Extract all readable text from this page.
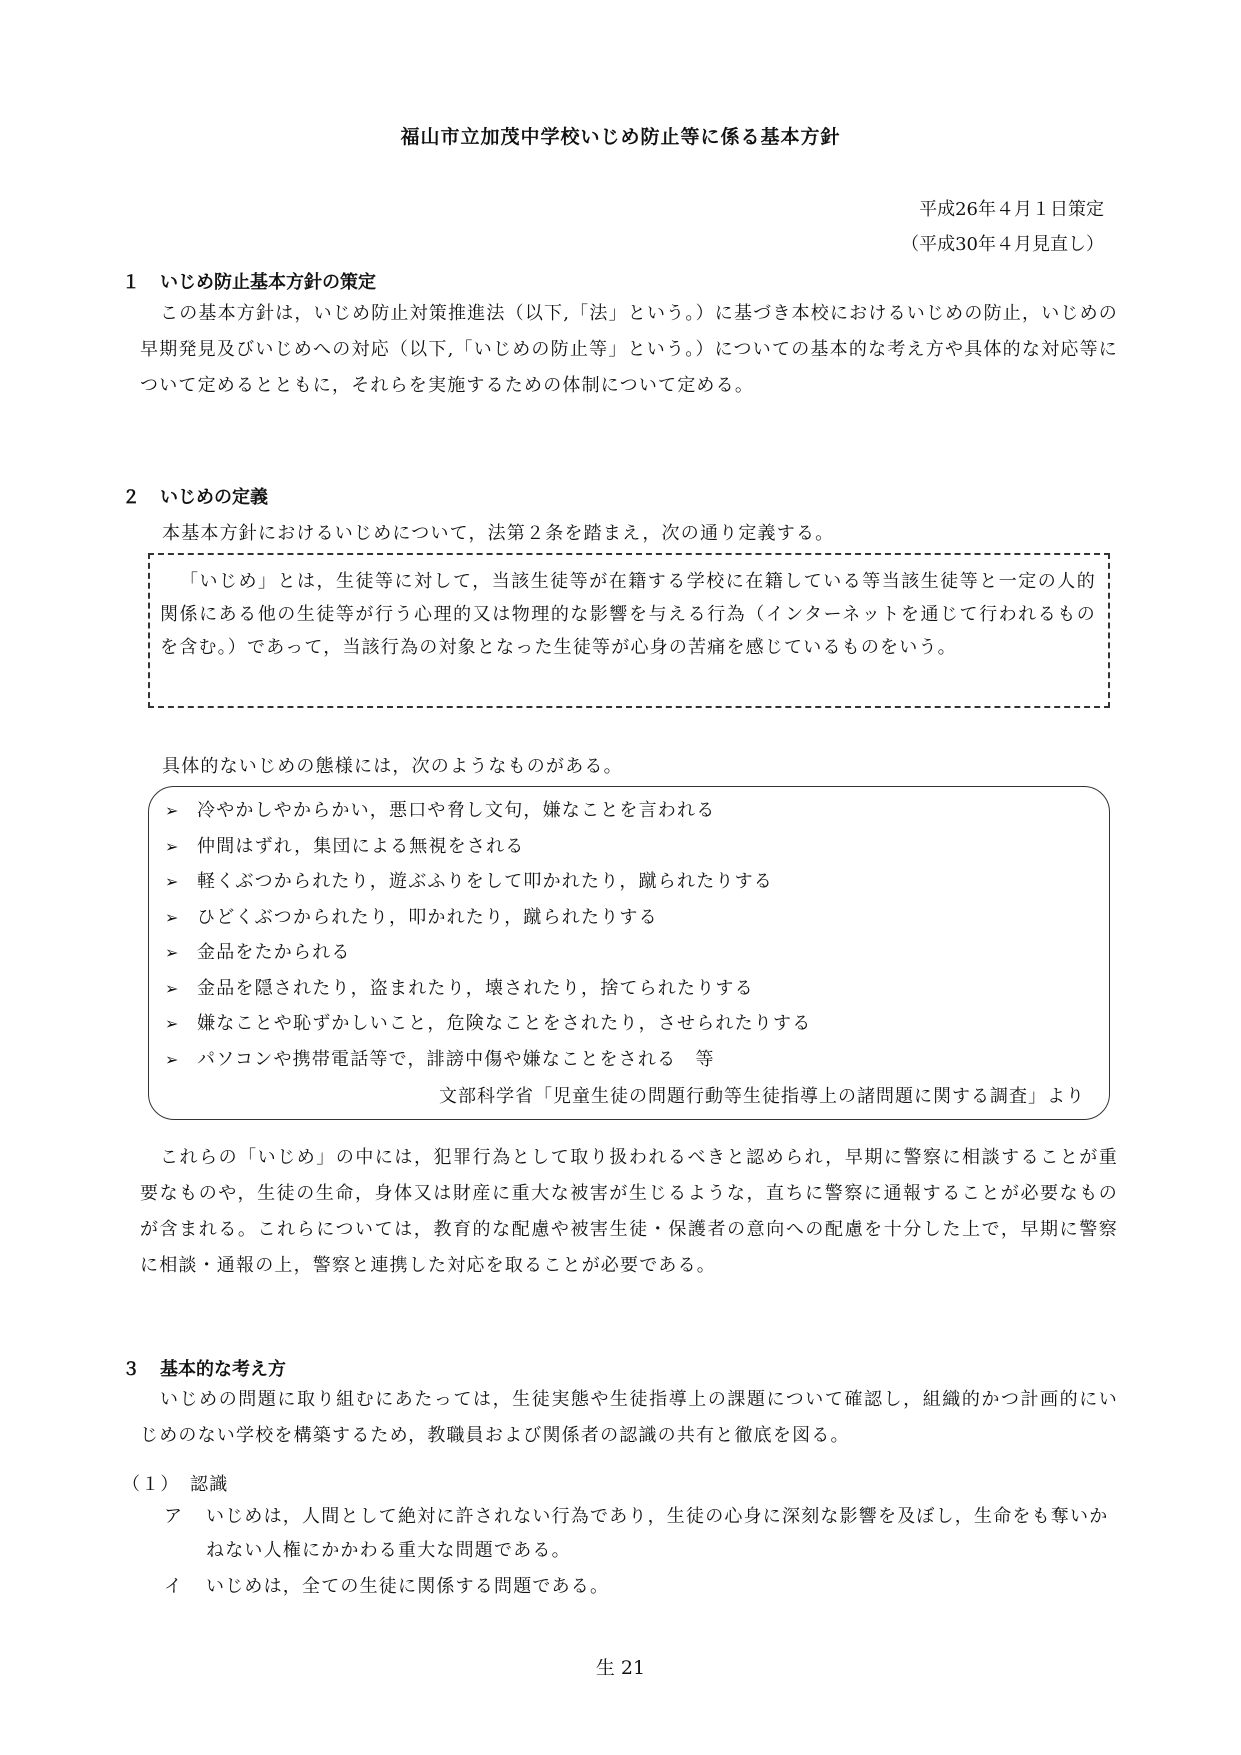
福山市立加茂中学校いじめ防止等に係る基本方針
平成26年４月１日策定
（平成30年４月見直し）
１ いじめ防止基本方針の策定
この基本方針は，いじめ防止対策推進法（以下,「法」という。）に基づき本校におけるいじめの防止，いじめの早期発見及びいじめへの対応（以下,「いじめの防止等」という。）についての基本的な考え方や具体的な対応等について定めるとともに，それらを実施するための体制について定める。
２ いじめの定義
本基本方針におけるいじめについて，法第２条を踏まえ，次の通り定義する。
「いじめ」とは，生徒等に対して，当該生徒等が在籍する学校に在籍している等当該生徒等と一定の人的関係にある他の生徒等が行う心理的又は物理的な影響を与える行為（インターネットを通じて行われるものを含む。）であって，当該行為の対象となった生徒等が心身の苦痛を感じているものをいう。
具体的ないじめの態様には，次のようなものがある。
➢ 冷やかしやからかい，悪口や脅し文句，嫌なことを言われる
➢ 仲間はずれ，集団による無視をされる
➢ 軽くぶつかられたり，遊ぶふりをして叩かれたり，蹴られたりする
➢ ひどくぶつかられたり，叩かれたり，蹴られたりする
➢ 金品をたかられる
➢ 金品を隠されたり，盗まれたり，壊されたり，捨てられたりする
➢ 嫌なことや恥ずかしいこと，危険なことをされたり，させられたりする
➢ パソコンや携帯電話等で，誹謗中傷や嫌なことをされる　等
文部科学省「児童生徒の問題行動等生徒指導上の諸問題に関する調査」より
これらの「いじめ」の中には，犯罪行為として取り扱われるべきと認められ，早期に警察に相談することが重要なものや，生徒の生命，身体又は財産に重大な被害が生じるような，直ちに警察に通報することが必要なものが含まれる。これらについては，教育的な配慮や被害生徒・保護者の意向への配慮を十分した上で，早期に警察に相談・通報の上，警察と連携した対応を取ることが必要である。
３ 基本的な考え方
いじめの問題に取り組むにあたっては，生徒実態や生徒指導上の課題について確認し，組織的かつ計画的にいじめのない学校を構築するため，教職員および関係者の認識の共有と徹底を図る。
（１） 認識
ア いじめは，人間として絶対に許されない行為であり，生徒の心身に深刻な影響を及ぼし，生命をも奪いかねない人権にかかわる重大な問題である。
イ いじめは，全ての生徒に関係する問題である。
生 21
